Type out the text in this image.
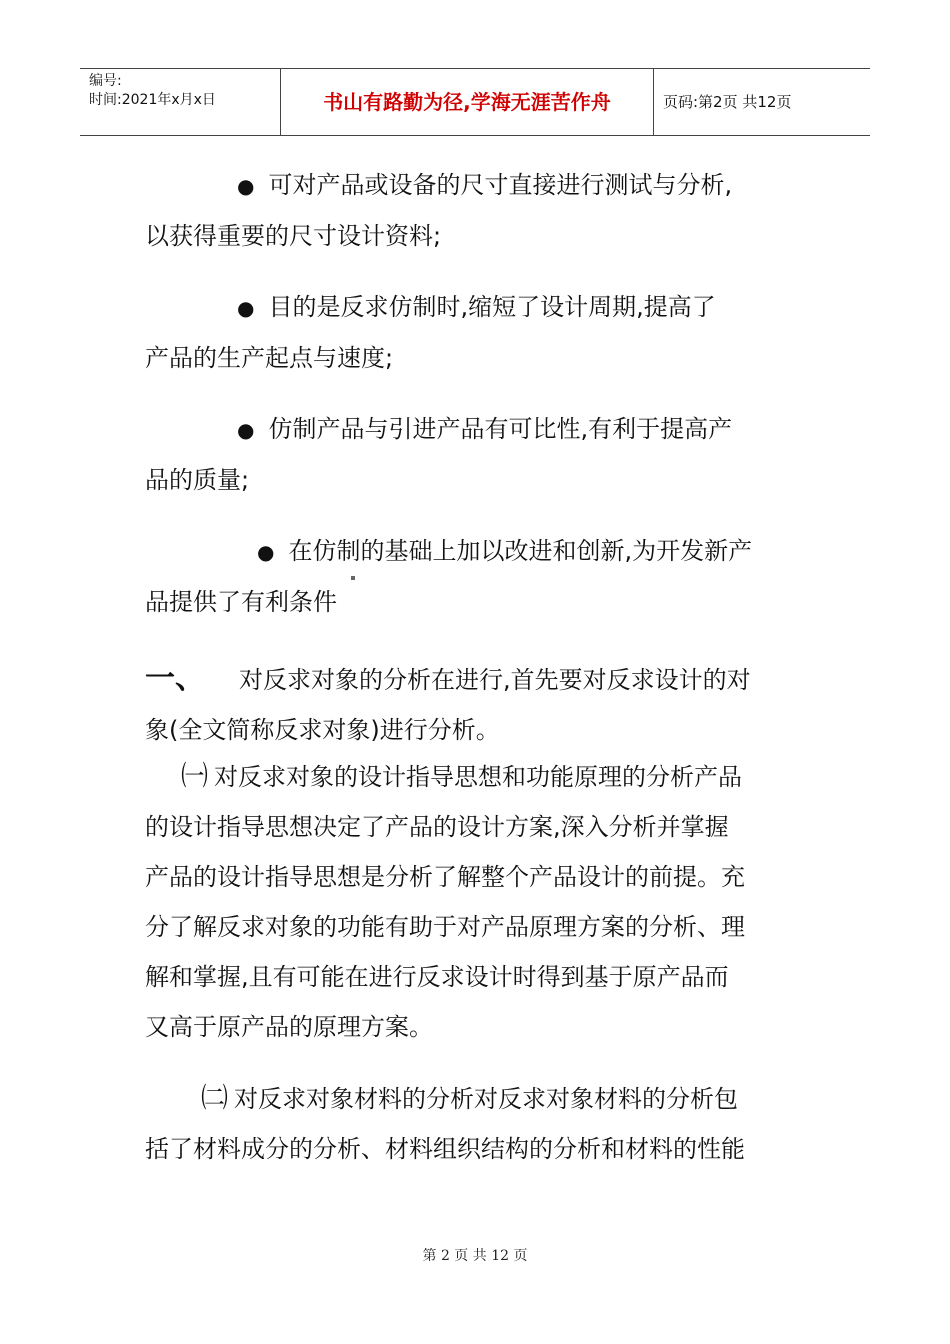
编号:
时间:2021年x月x日	书山有路勤为径,学海无涯苦作舟	页码:第2页 共12页

● 可对产品或设备的尺寸直接进行测试与分析,
以获得重要的尺寸设计资料;

● 目的是反求仿制时,缩短了设计周期,提高了
产品的生产起点与速度;

● 仿制产品与引进产品有可比性,有利于提高产
品的质量;

● 在仿制的基础上加以改进和创新,为开发新产
品提供了有利条件

一、 对反求对象的分析在进行,首先要对反求设计的对
象(全文简称反求对象)进行分析。

㈠ 对反求对象的设计指导思想和功能原理的分析产品
的设计指导思想决定了产品的设计方案,深入分析并掌握
产品的设计指导思想是分析了解整个产品设计的前提。充
分了解反求对象的功能有助于对产品原理方案的分析、理
解和掌握,且有可能在进行反求设计时得到基于原产品而
又高于原产品的原理方案。

㈡ 对反求对象材料的分析对反求对象材料的分析包
括了材料成分的分析、材料组织结构的分析和材料的性能

第 2 页 共 12 页
